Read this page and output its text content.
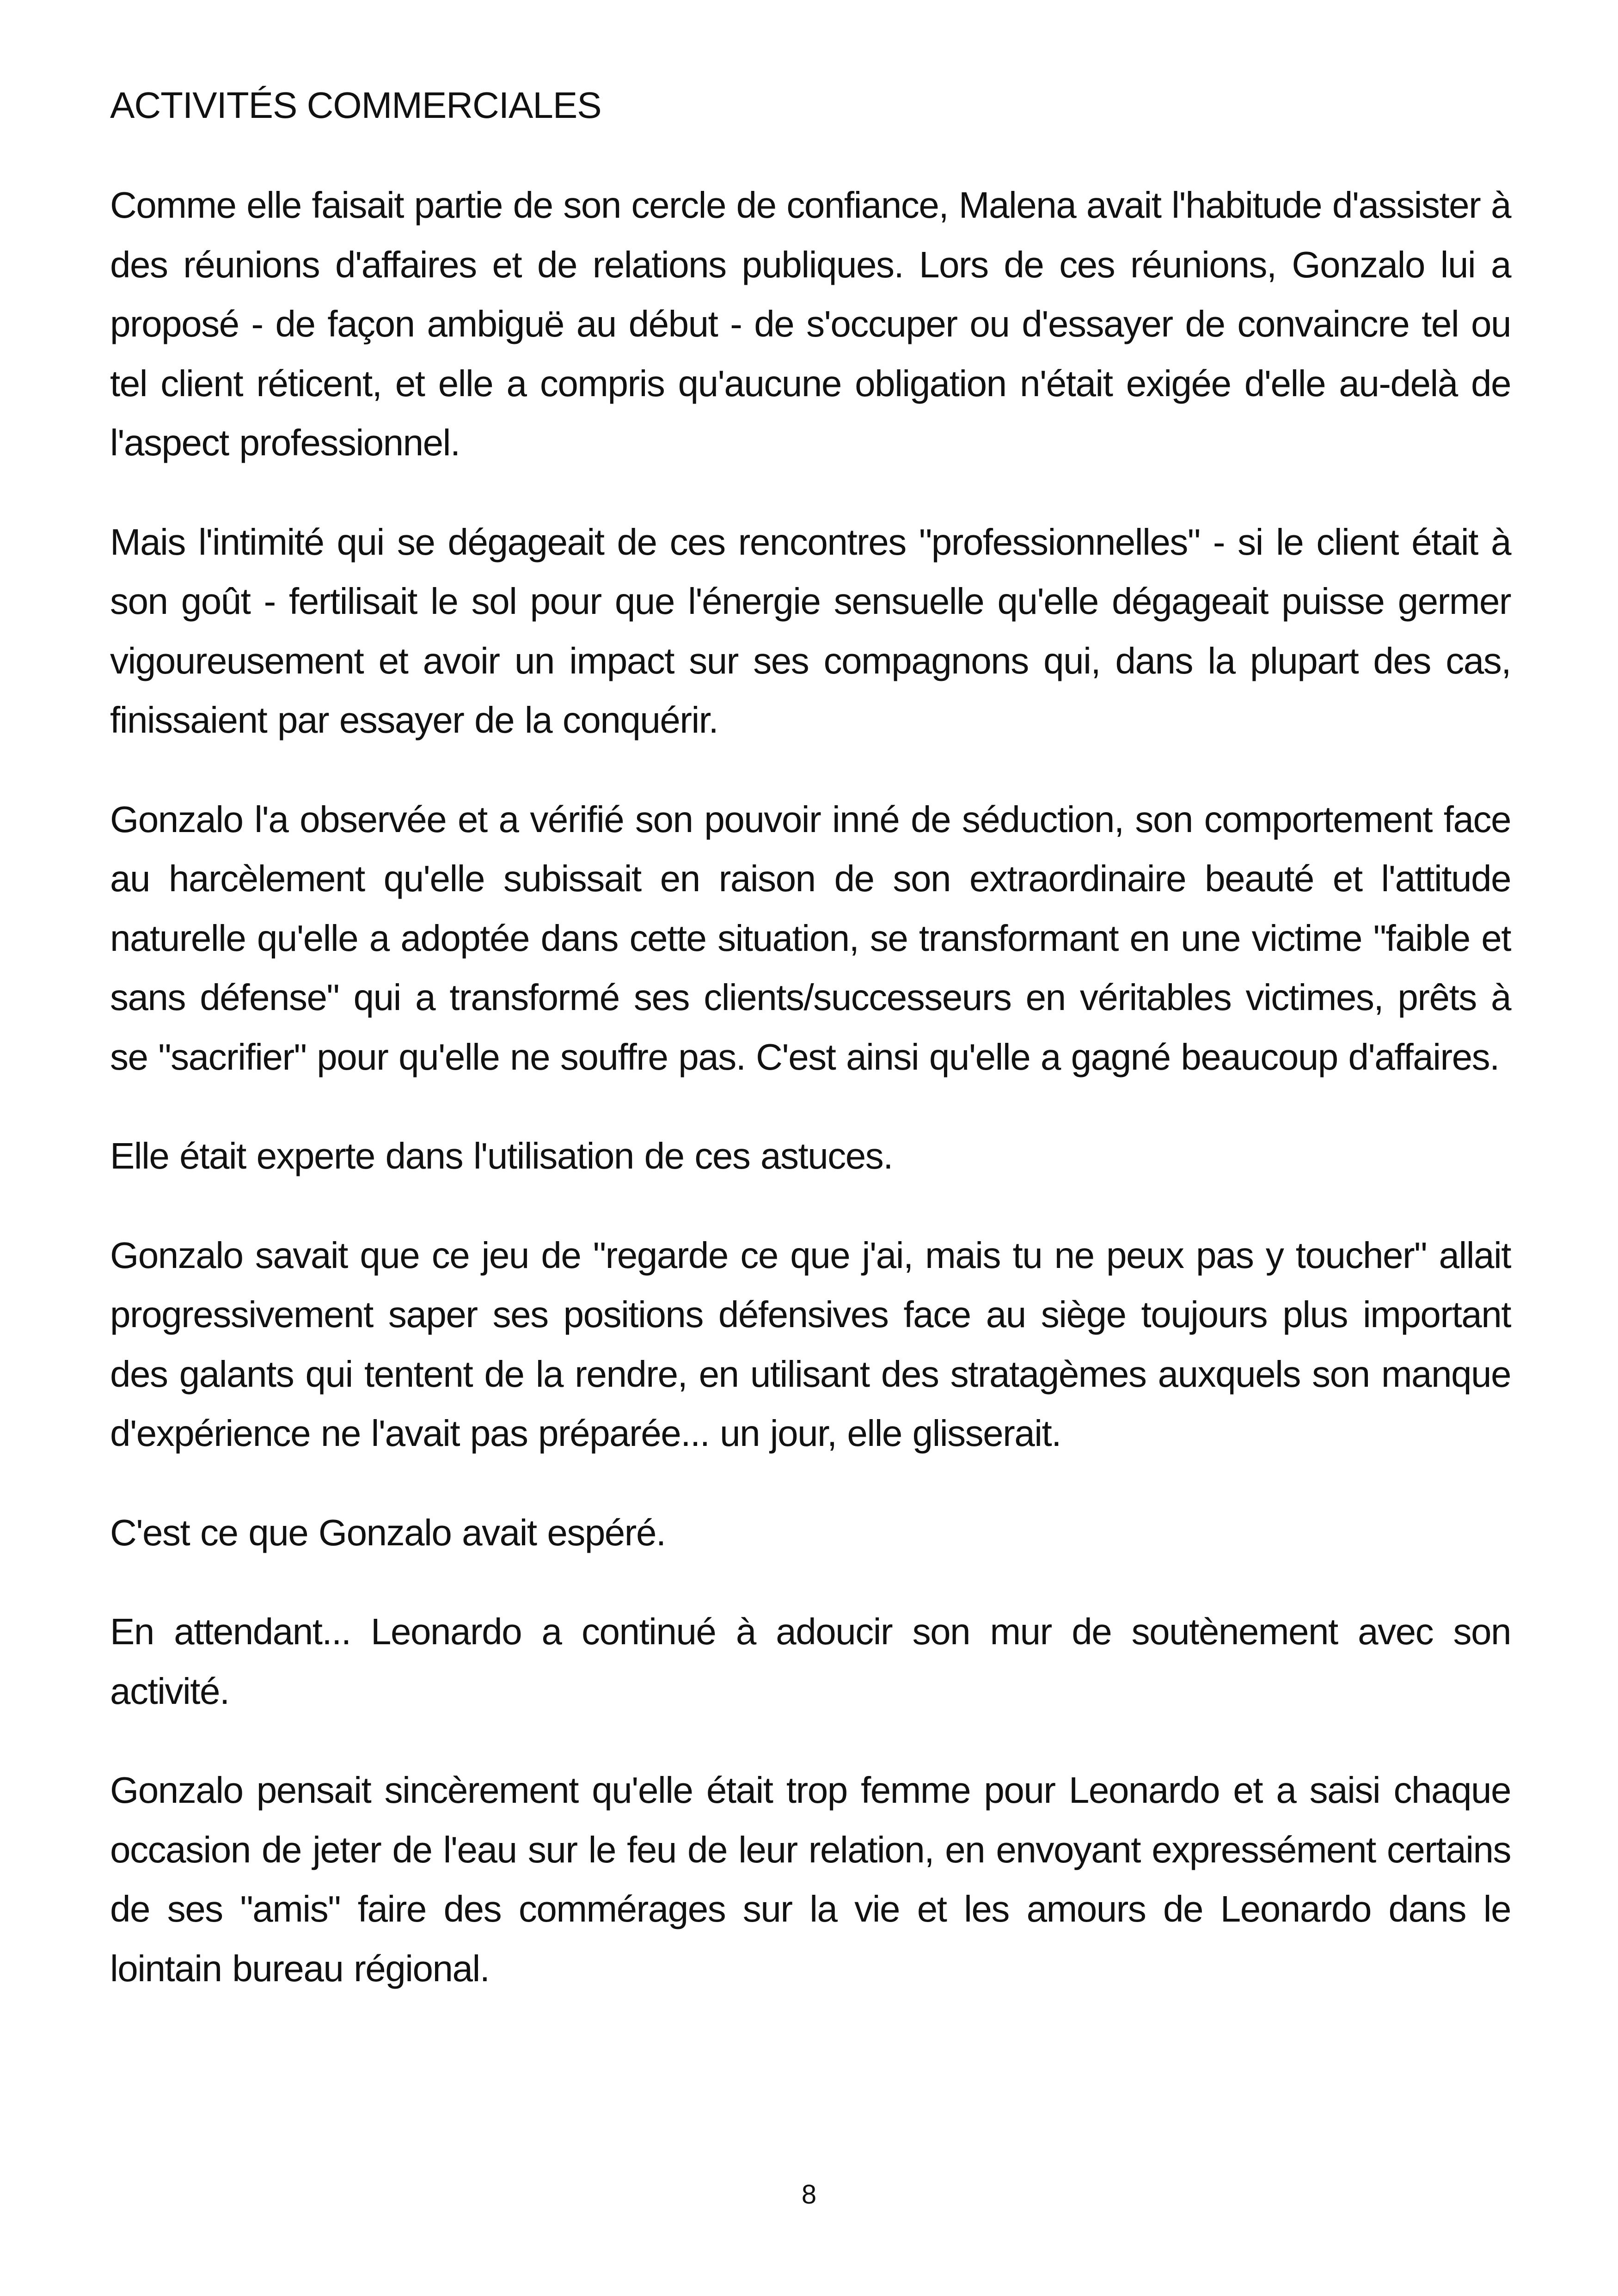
ACTIVITÉS COMMERCIALES

Comme elle faisait partie de son cercle de confiance, Malena avait l'habitude d'assister à des réunions d'affaires et de relations publiques. Lors de ces réunions, Gonzalo lui a proposé - de façon ambiguë au début - de s'occuper ou d'essayer de convaincre tel ou tel client réticent, et elle a compris qu'aucune obligation n'était exigée d'elle au-delà de l'aspect professionnel.

Mais l'intimité qui se dégageait de ces rencontres "professionnelles" - si le client était à son goût - fertilisait le sol pour que l'énergie sensuelle qu'elle dégageait puisse germer vigoureusement et avoir un impact sur ses compagnons qui, dans la plupart des cas, finissaient par essayer de la conquérir.

Gonzalo l'a observée et a vérifié son pouvoir inné de séduction, son comportement face au harcèlement qu'elle subissait en raison de son extraordinaire beauté et l'attitude naturelle qu'elle a adoptée dans cette situation, se transformant en une victime "faible et sans défense" qui a transformé ses clients/successeurs en véritables victimes, prêts à se "sacrifier" pour qu'elle ne souffre pas. C'est ainsi qu'elle a gagné beaucoup d'affaires.

Elle était experte dans l'utilisation de ces astuces.

Gonzalo savait que ce jeu de "regarde ce que j'ai, mais tu ne peux pas y toucher" allait progressivement saper ses positions défensives face au siège toujours plus important des galants qui tentent de la rendre, en utilisant des stratagèmes auxquels son manque d'expérience ne l'avait pas préparée... un jour, elle glisserait.

C'est ce que Gonzalo avait espéré.

En attendant... Leonardo a continué à adoucir son mur de soutènement avec son activité.

Gonzalo pensait sincèrement qu'elle était trop femme pour Leonardo et a saisi chaque occasion de jeter de l'eau sur le feu de leur relation, en envoyant expressément certains de ses "amis" faire des commérages sur la vie et les amours de Leonardo dans le lointain bureau régional.

8
